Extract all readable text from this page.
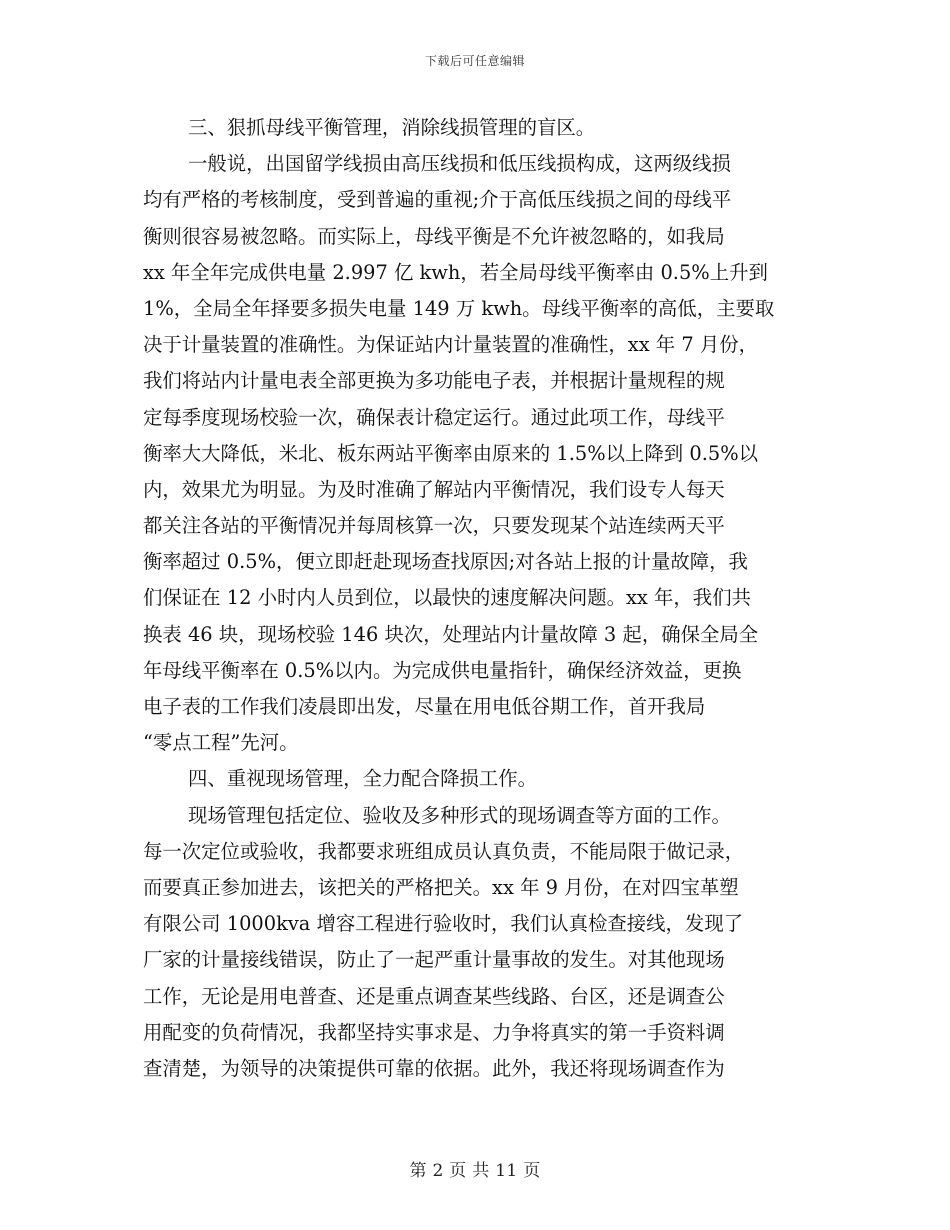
下载后可任意编辑
三、狠抓母线平衡管理，消除线损管理的盲区。
一般说，出国留学线损由高压线损和低压线损构成，这两级线损
均有严格的考核制度，受到普遍的重视;介于高低压线损之间的母线平
衡则很容易被忽略。而实际上，母线平衡是不允许被忽略的，如我局
xx 年全年完成供电量 2.997 亿 kwh，若全局母线平衡率由 0.5%上升到
1%，全局全年择要多损失电量 149 万 kwh。母线平衡率的高低，主要取
决于计量装置的准确性。为保证站内计量装置的准确性，xx 年 7 月份，
我们将站内计量电表全部更换为多功能电子表，并根据计量规程的规
定每季度现场校验一次，确保表计稳定运行。通过此项工作，母线平
衡率大大降低，米北、板东两站平衡率由原来的 1.5%以上降到 0.5%以
内，效果尤为明显。为及时准确了解站内平衡情况，我们设专人每天
都关注各站的平衡情况并每周核算一次，只要发现某个站连续两天平
衡率超过 0.5%，便立即赶赴现场查找原因;对各站上报的计量故障，我
们保证在 12 小时内人员到位，以最快的速度解决问题。xx 年，我们共
换表 46 块，现场校验 146 块次，处理站内计量故障 3 起，确保全局全
年母线平衡率在 0.5%以内。为完成供电量指针，确保经济效益，更换
电子表的工作我们凌晨即出发，尽量在用电低谷期工作，首开我局
“零点工程”先河。
四、重视现场管理，全力配合降损工作。
现场管理包括定位、验收及多种形式的现场调查等方面的工作。
每一次定位或验收，我都要求班组成员认真负责，不能局限于做记录，
而要真正参加进去，该把关的严格把关。xx 年 9 月份，在对四宝革塑
有限公司 1000kva 增容工程进行验收时，我们认真检查接线，发现了
厂家的计量接线错误，防止了一起严重计量事故的发生。对其他现场
工作，无论是用电普查、还是重点调查某些线路、台区，还是调查公
用配变的负荷情况，我都坚持实事求是、力争将真实的第一手资料调
查清楚，为领导的决策提供可靠的依据。此外，我还将现场调查作为
第 2 页 共 11 页
